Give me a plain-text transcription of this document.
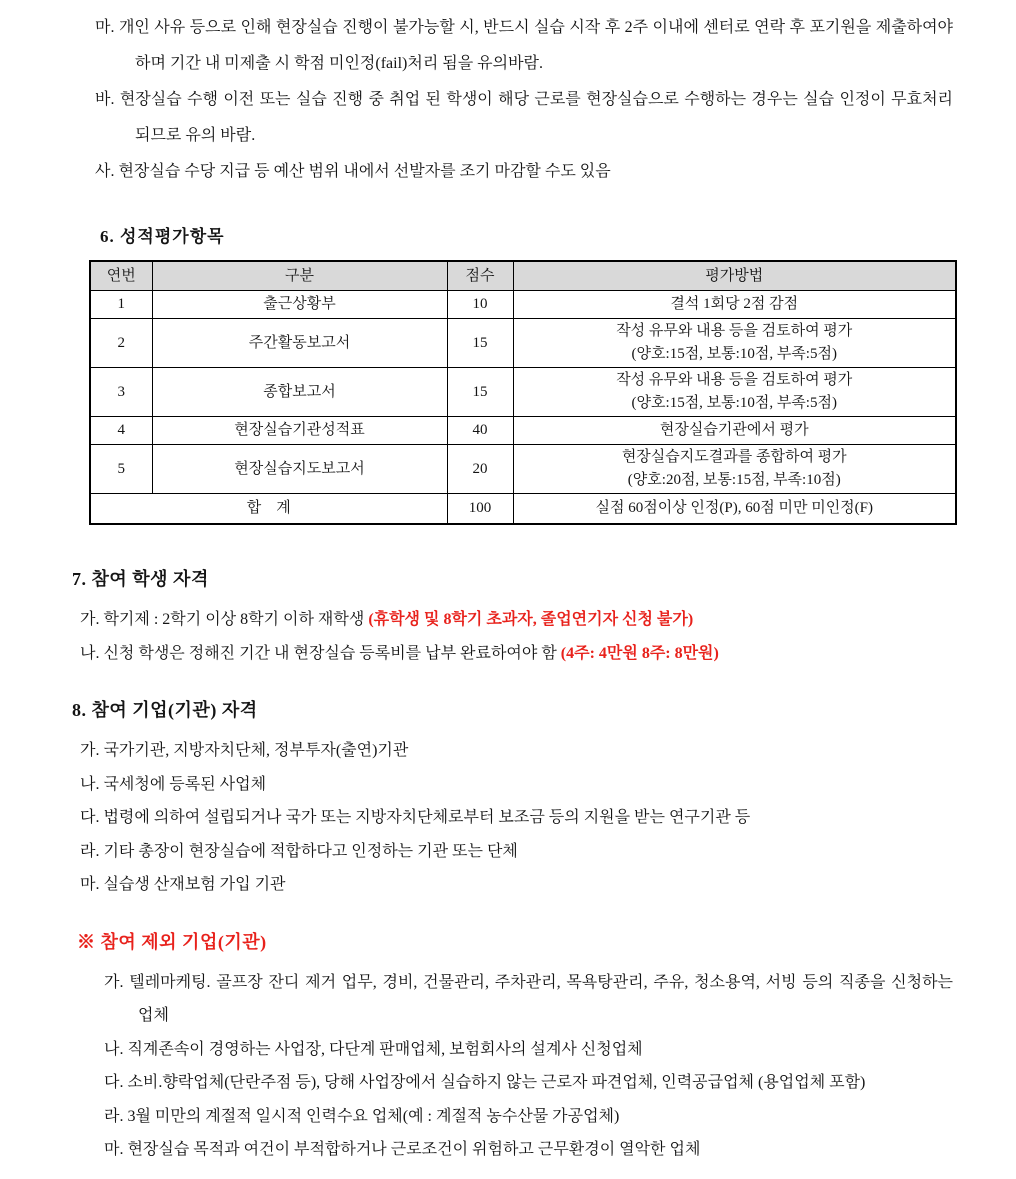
마. 개인 사유 등으로 인해 현장실습 진행이 불가능할 시, 반드시 실습 시작 후 2주 이내에 센터로 연락 후 포기원을 제출하여야 하며 기간 내 미제출 시 학점 미인정(fail)처리 됨을 유의바람.

바. 현장실습 수행 이전 또는 실습 진행 중 취업 된 학생이 해당 근로를 현장실습으로 수행하는 경우는 실습 인정이 무효처리 되므로 유의 바람.

사. 현장실습 수당 지급 등 예산 범위 내에서 선발자를 조기 마감할 수도 있음

6. 성적평가항목
연번	구분	점수	평가방법
1	출근상황부	10	결석 1회당 2점 감점
2	주간활동보고서	15	작성 유무와 내용 등을 검토하여 평가
(양호:15점, 보통:10점, 부족:5점)

3	종합보고서	15	작성 유무와 내용 등을 검토하여 평가
(양호:15점, 보통:10점, 부족:5점)

4	현장실습기관성적표	40	현장실습기관에서 평가
5	현장실습지도보고서	20	현장실습지도결과를 종합하여 평가
(양호:20점, 보통:15점, 부족:10점)

합　계		100	실점 60점이상 인정(P), 60점 미만 미인정(F)
7. 참여 학생 자격

가. 학기제 : 2학기 이상 8학기 이하 재학생 (휴학생 및 8학기 초과자, 졸업연기자 신청 불가)

나. 신청 학생은 정해진 기간 내 현장실습 등록비를 납부 완료하여야 함 (4주: 4만원 8주: 8만원)

8. 참여 기업(기관) 자격

가. 국가기관, 지방자치단체, 정부투자(출연)기관

나. 국세청에 등록된 사업체

다. 법령에 의하여 설립되거나 국가 또는 지방자치단체로부터 보조금 등의 지원을 받는 연구기관 등

라. 기타 총장이 현장실습에 적합하다고 인정하는 기관 또는 단체

마. 실습생 산재보험 가입 기관

※ 참여 제외 기업(기관)

가. 텔레마케팅. 골프장 잔디 제거 업무, 경비, 건물관리, 주차관리, 목욕탕관리, 주유, 청소용역, 서빙 등의 직종을 신청하는 업체

나. 직계존속이 경영하는 사업장, 다단계 판매업체, 보험회사의 설계사 신청업체

다. 소비.향락업체(단란주점 등), 당해 사업장에서 실습하지 않는 근로자 파견업체, 인력공급업체 (용업업체 포함)

라. 3월 미만의 계절적 일시적 인력수요 업체(예 : 계절적 농수산물 가공업체)

마. 현장실습 목적과 여건이 부적합하거나 근로조건이 위험하고 근무환경이 열악한 업체
